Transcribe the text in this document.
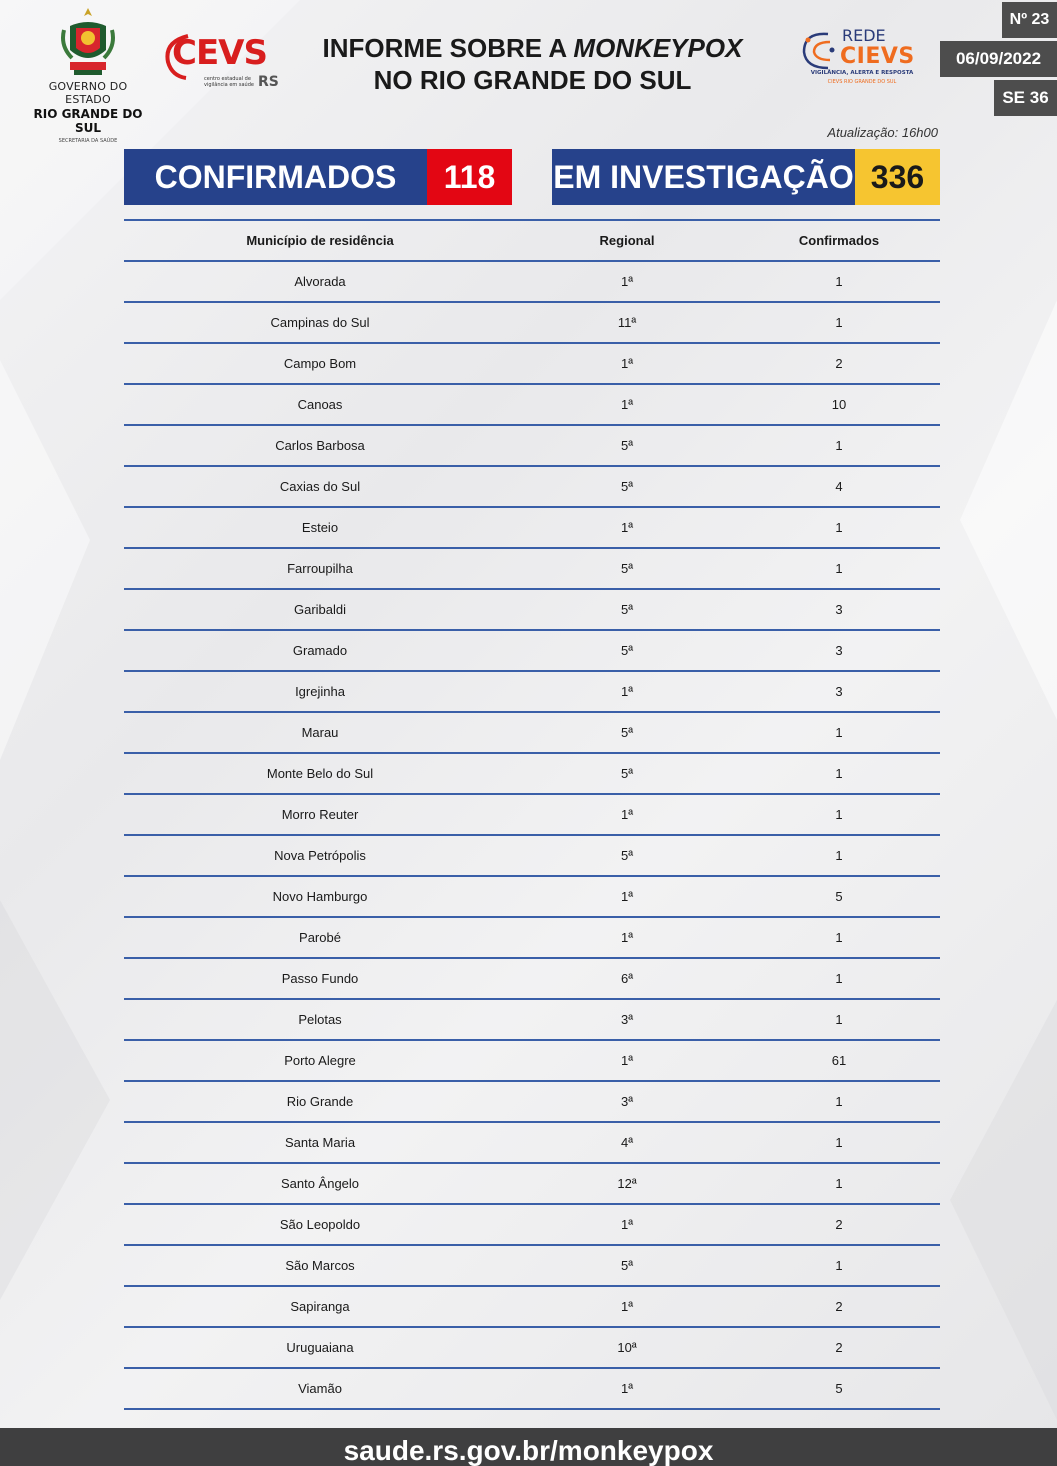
GOVERNO DO ESTADO
RIO GRANDE DO SUL
SECRETARIA DA SAÚDE
CEVS
centro estadual de vigilância em saúde RS
INFORME SOBRE A MONKEYPOX
NO RIO GRANDE DO SUL
REDE
CIEVS
VIGILÂNCIA, ALERTA E RESPOSTA
CIEVS RIO GRANDE DO SUL
Nº 23
06/09/2022
SE 36
Atualização: 16h00
CONFIRMADOS	118	EM INVESTIGAÇÃO 336
Município de residência	Regional	Confirmados
Alvorada	1ª	1
Campinas do Sul	11ª	1
Campo Bom	1ª	2
Canoas	1ª	10
Carlos Barbosa	5ª	1
Caxias do Sul	5ª	4
Esteio	1ª	1
Farroupilha	5ª	1
Garibaldi	5ª	3
Gramado	5ª	3
Igrejinha	1ª	3
Marau	5ª	1
Monte Belo do Sul	5ª	1
Morro Reuter	1ª	1
Nova Petrópolis	5ª	1
Novo Hamburgo	1ª	5
Parobé	1ª	1
Passo Fundo	6ª	1
Pelotas	3ª	1
Porto Alegre	1ª	61
Rio Grande	3ª	1
Santa Maria	4ª	1
Santo Ângelo	12ª	1
São Leopoldo	1ª	2
São Marcos	5ª	1
Sapiranga	1ª	2
Uruguaiana	10ª	2
Viamão	1ª	5
saude.rs.gov.br/monkeypox
